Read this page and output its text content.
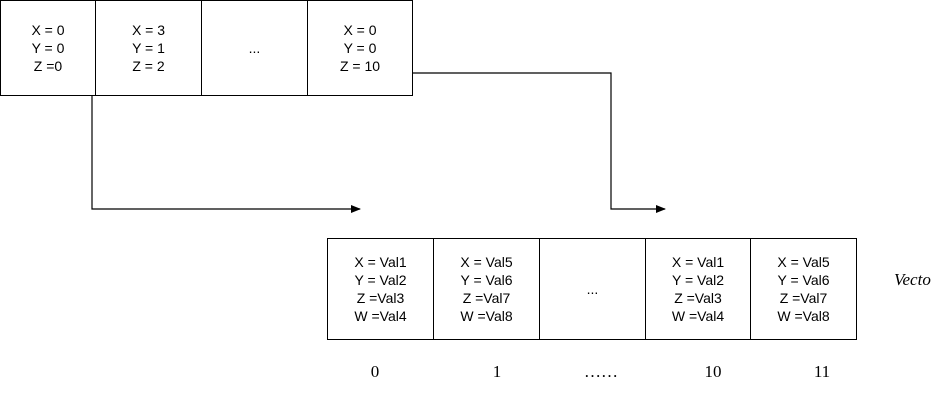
X = 0
Y = 0
Z =0
X = 3
Y = 1
Z = 2
...
X = 0
Y = 0
Z = 10
X = Val1
Y = Val2
Z =Val3
W =Val4
X = Val5
Y = Val6
Z =Val7
W =Val8
...
X = Val1
Y = Val2
Z =Val3
W =Val4
X = Val5
Y = Val6
Z =Val7
W =Val8
0	1	……	10	11
Vecto
